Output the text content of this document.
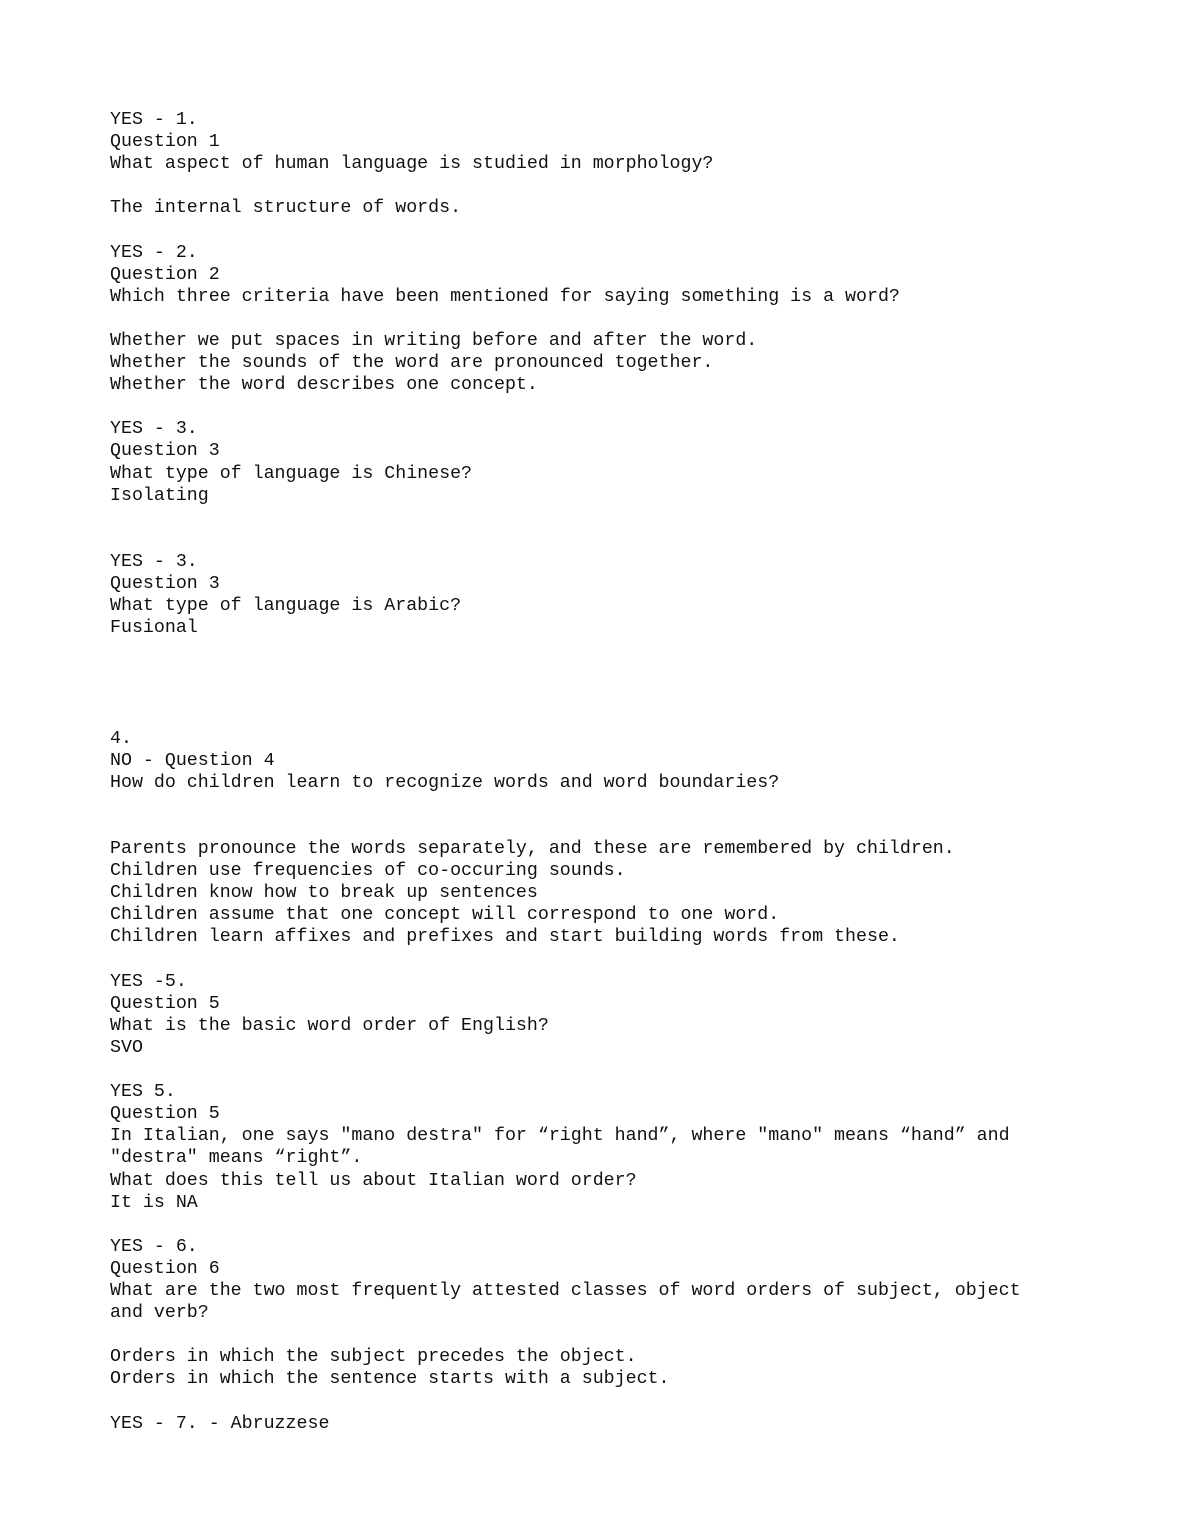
YES - 1.
Question 1
What aspect of human language is studied in morphology?
The internal structure of words.
YES - 2.
Question 2
Which three criteria have been mentioned for saying something is a word?
Whether we put spaces in writing before and after the word.
Whether the sounds of the word are pronounced together.
Whether the word describes one concept.
YES - 3.
Question 3
What type of language is Chinese?
Isolating
YES - 3.
Question 3
What type of language is Arabic?
Fusional
4.
NO - Question 4
How do children learn to recognize words and word boundaries?
Parents pronounce the words separately, and these are remembered by children.
Children use frequencies of co-occuring sounds.
Children know how to break up sentences
Children assume that one concept will correspond to one word.
Children learn affixes and prefixes and start building words from these.
YES -5.
Question 5
What is the basic word order of English?
SVO
YES 5.
Question 5
In Italian, one says "mano destra" for “right hand”, where "mano" means “hand” and
"destra" means “right”.
What does this tell us about Italian word order?
It is NA
YES - 6.
Question 6
What are the two most frequently attested classes of word orders of subject, object
and verb?
Orders in which the subject precedes the object.
Orders in which the sentence starts with a subject.
YES - 7. - Abruzzese
